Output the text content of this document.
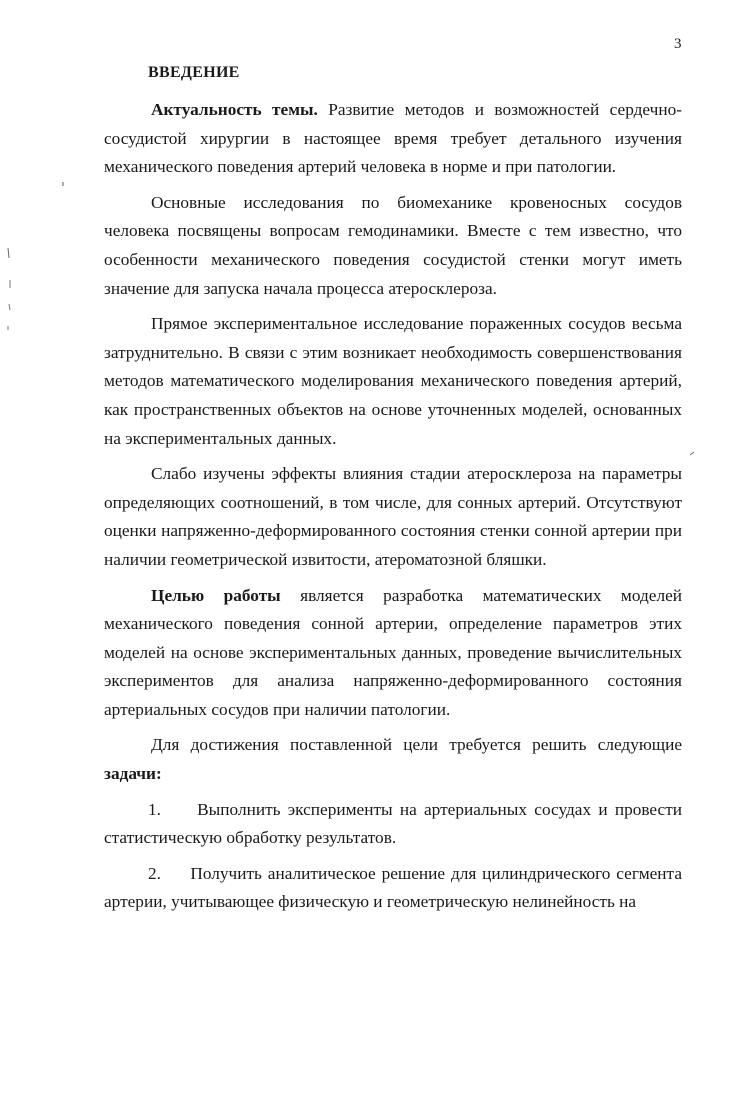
3
ВВЕДЕНИЕ

Актуальность темы. Развитие методов и возможностей сердечно-сосудистой хирургии в настоящее время требует детального изучения механического поведения артерий человека в норме и при патологии.

Основные исследования по биомеханике кровеносных сосудов человека посвящены вопросам гемодинамики. Вместе с тем известно, что особенности механического поведения сосудистой стенки могут иметь значение для запуска начала процесса атеросклероза.

Прямое экспериментальное исследование пораженных сосудов весьма затруднительно. В связи с этим возникает необходимость совершенствования методов математического моделирования механического поведения артерий, как пространственных объектов на основе уточненных моделей, основанных на экспериментальных данных.

Слабо изучены эффекты влияния стадии атеросклероза на параметры определяющих соотношений, в том числе, для сонных артерий. Отсутствуют оценки напряженно-деформированного состояния стенки сонной артерии при наличии геометрической извитости, атероматозной бляшки.

Целью работы является разработка математических моделей механического поведения сонной артерии, определение параметров этих моделей на основе экспериментальных данных, проведение вычислительных экспериментов для анализа напряженно-деформированного состояния артериальных сосудов при наличии патологии.

Для достижения поставленной цели требуется решить следующие задачи:

1. Выполнить эксперименты на артериальных сосудах и провести статистическую обработку результатов.

2. Получить аналитическое решение для цилиндрического сегмента артерии, учитывающее физическую и геометрическую нелинейность на
